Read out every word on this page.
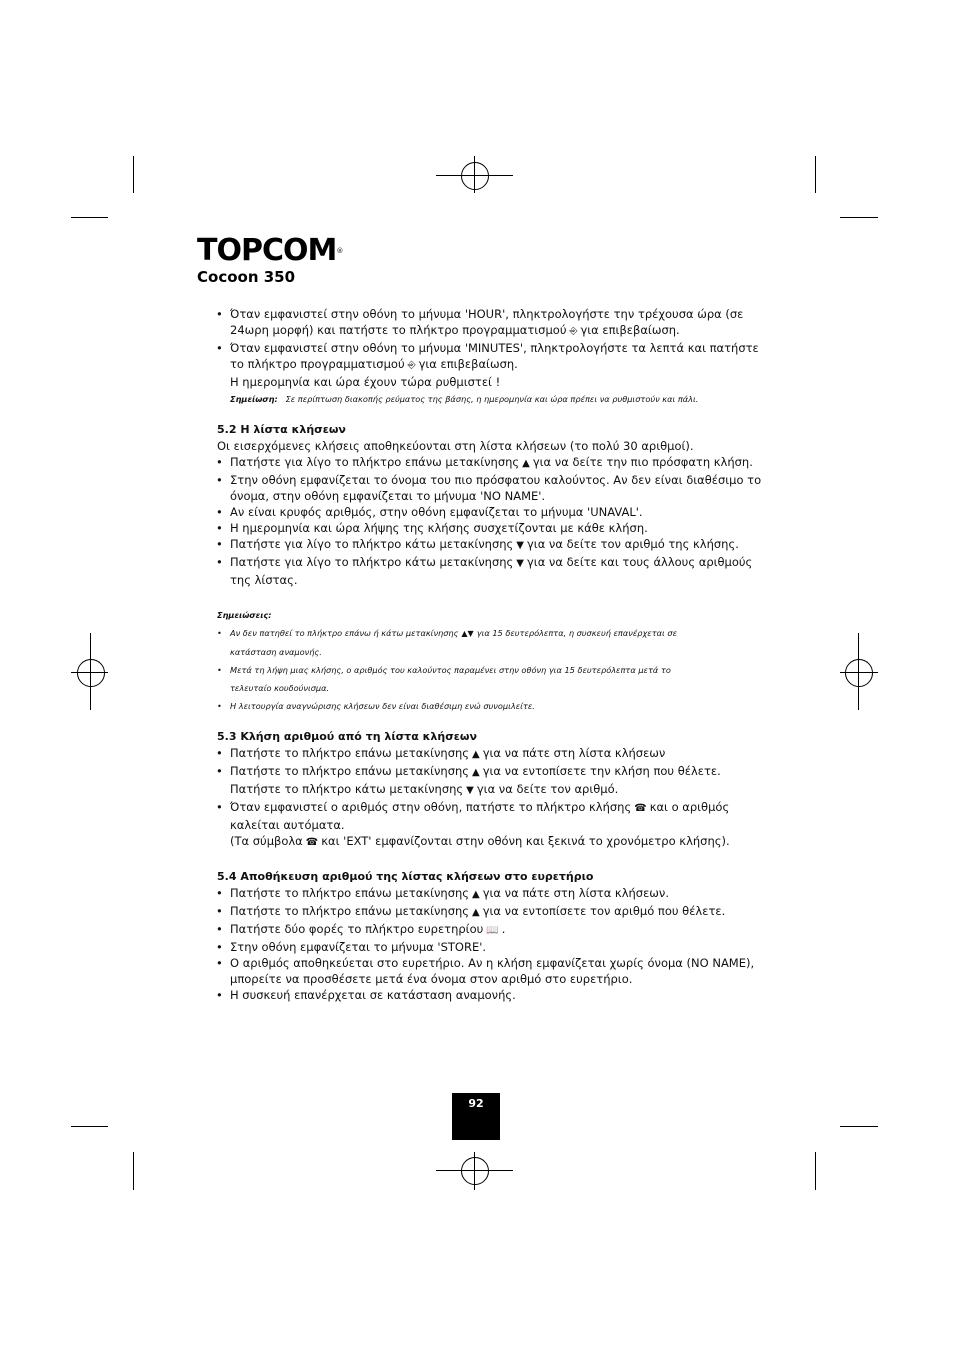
TOPCOM®
Cocoon 350
• Όταν εμφανιστεί στην οθόνη το μήνυμα 'HOUR', πληκτρολογήστε την τρέχουσα ώρα (σε
24ωρη μορφή) και πατήστε το πλήκτρο προγραμματισμού ⎆ για επιβεβαίωση.
• Όταν εμφανιστεί στην οθόνη το μήνυμα 'MINUTES', πληκτρολογήστε τα λεπτά και πατήστε
το πλήκτρο προγραμματισμού ⎆ για επιβεβαίωση.
Η ημερομηνία και ώρα έχουν τώρα ρυθμιστεί !
Σημείωση: Σε περίπτωση διακοπής ρεύματος της βάσης, η ημερομηνία και ώρα πρέπει να ρυθμιστούν και πάλι.
5.2 Η λίστα κλήσεων
Οι εισερχόμενες κλήσεις αποθηκεύονται στη λίστα κλήσεων (το πολύ 30 αριθμοί).
• Πατήστε για λίγο το πλήκτρο επάνω μετακίνησης ▲ για να δείτε την πιο πρόσφατη κλήση.
• Στην οθόνη εμφανίζεται το όνομα του πιο πρόσφατου καλούντος. Αν δεν είναι διαθέσιμο το
όνομα, στην οθόνη εμφανίζεται το μήνυμα 'NO NAME'.
• Αν είναι κρυφός αριθμός, στην οθόνη εμφανίζεται το μήνυμα 'UNAVAL'.
• Η ημερομηνία και ώρα λήψης της κλήσης συσχετίζονται με κάθε κλήση.
• Πατήστε για λίγο το πλήκτρο κάτω μετακίνησης ▼ για να δείτε τον αριθμό της κλήσης.
• Πατήστε για λίγο το πλήκτρο κάτω μετακίνησης ▼ για να δείτε και τους άλλους αριθμούς
της λίστας.
Σημειώσεις:
• Αν δεν πατηθεί το πλήκτρο επάνω ή κάτω μετακίνησης ▲▼ για 15 δευτερόλεπτα, η συσκευή επανέρχεται σε
κατάσταση αναμονής.
• Μετά τη λήψη μιας κλήσης, ο αριθμός του καλούντος παραμένει στην οθόνη για 15 δευτερόλεπτα μετά το
τελευταίο κουδούνισμα.
• Η λειτουργία αναγνώρισης κλήσεων δεν είναι διαθέσιμη ενώ συνομιλείτε.
5.3 Κλήση αριθμού από τη λίστα κλήσεων
• Πατήστε το πλήκτρο επάνω μετακίνησης ▲ για να πάτε στη λίστα κλήσεων
• Πατήστε το πλήκτρο επάνω μετακίνησης ▲ για να εντοπίσετε την κλήση που θέλετε.
Πατήστε το πλήκτρο κάτω μετακίνησης ▼ για να δείτε τον αριθμό.
• Όταν εμφανιστεί ο αριθμός στην οθόνη, πατήστε το πλήκτρο κλήσης ☎ και ο αριθμός
καλείται αυτόματα.
(Τα σύμβολα ☎ και 'EXT' εμφανίζονται στην οθόνη και ξεκινά το χρονόμετρο κλήσης).
5.4 Αποθήκευση αριθμού της λίστας κλήσεων στο ευρετήριο
• Πατήστε το πλήκτρο επάνω μετακίνησης ▲ για να πάτε στη λίστα κλήσεων.
• Πατήστε το πλήκτρο επάνω μετακίνησης ▲ για να εντοπίσετε τον αριθμό που θέλετε.
• Πατήστε δύο φορές το πλήκτρο ευρετηρίου 📖 .
• Στην οθόνη εμφανίζεται το μήνυμα 'STORE'.
• Ο αριθμός αποθηκεύεται στο ευρετήριο. Αν η κλήση εμφανίζεται χωρίς όνομα (NO NAME),
μπορείτε να προσθέσετε μετά ένα όνομα στον αριθμό στο ευρετήριο.
• Η συσκευή επανέρχεται σε κατάσταση αναμονής.
92
